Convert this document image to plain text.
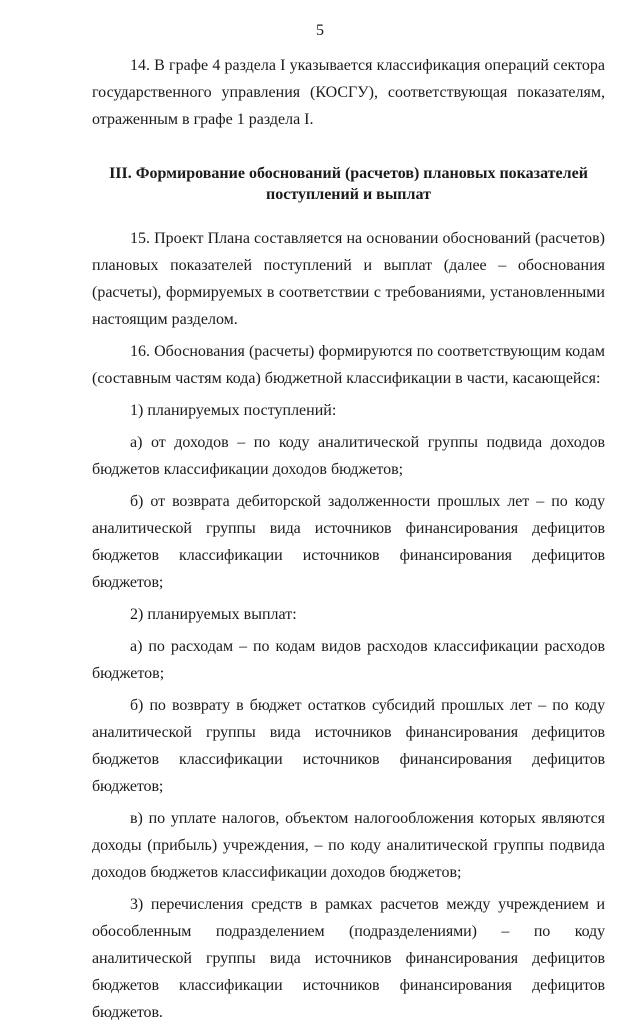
5

14. В графе 4 раздела I указывается классификация операций сектора государственного управления (КОСГУ), соответствующая показателям, отраженным в графе 1 раздела I.

III. Формирование обоснований (расчетов) плановых показателей
поступлений и выплат

15. Проект Плана составляется на основании обоснований (расчетов) плановых показателей поступлений и выплат (далее – обоснования (расчеты), формируемых в соответствии с требованиями, установленными настоящим разделом.

16. Обоснования (расчеты) формируются по соответствующим кодам (составным частям кода) бюджетной классификации в части, касающейся:

1) планируемых поступлений:

а) от доходов – по коду аналитической группы подвида доходов бюджетов классификации доходов бюджетов;

б) от возврата дебиторской задолженности прошлых лет – по коду аналитической группы вида источников финансирования дефицитов бюджетов классификации источников финансирования дефицитов бюджетов;

2) планируемых выплат:

а) по расходам – по кодам видов расходов классификации расходов бюджетов;

б) по возврату в бюджет остатков субсидий прошлых лет – по коду аналитической группы вида источников финансирования дефицитов бюджетов классификации источников финансирования дефицитов бюджетов;

в) по уплате налогов, объектом налогообложения которых являются доходы (прибыль) учреждения, – по коду аналитической группы подвида доходов бюджетов классификации доходов бюджетов;

3) перечисления средств в рамках расчетов между учреждением и обособленным подразделением (подразделениями) – по коду аналитической группы вида источников финансирования дефицитов бюджетов классификации источников финансирования дефицитов бюджетов.
